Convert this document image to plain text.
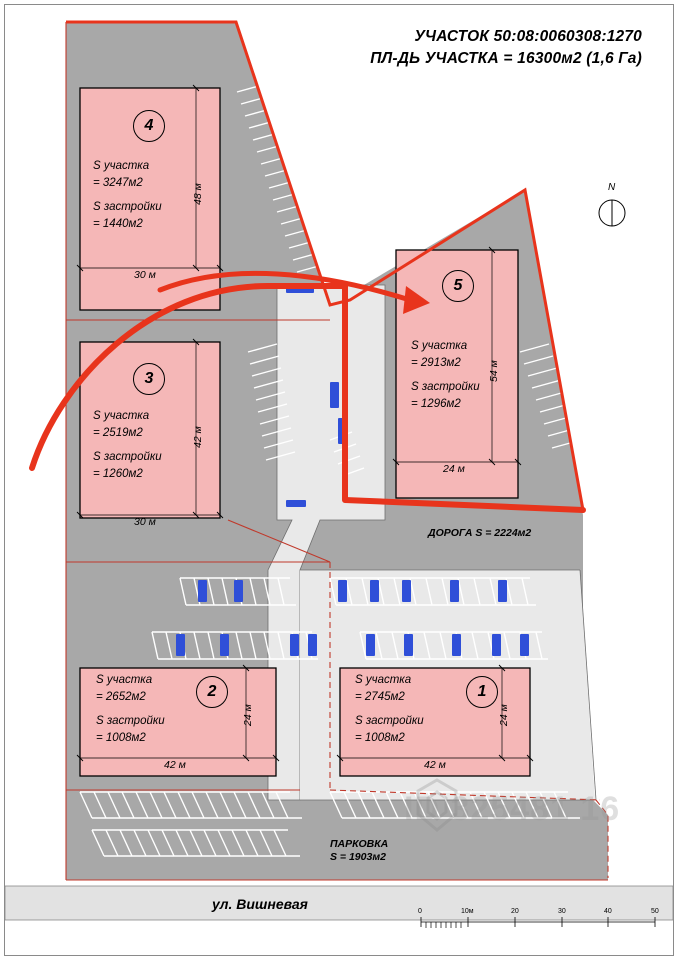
УЧАСТОК 50:08:0060308:1270
ПЛ-ДЬ УЧАСТКА = 16300м2 (1,6 Га)
4
S участка
= 3247м2

S застройки
= 1440м2
30 м
48 м
3
S участка
= 2519м2

S застройки
= 1260м2
30 м
42 м
5
S участка
= 2913м2

S застройки
= 1296м2
24 м
54 м
2
S участка
= 2652м2

S застройки
= 1008м2
42 м
24 м
1
S участка
= 2745м2

S застройки
= 1008м2
42 м
24 м
ДОРОГА S = 2224м2
ПАРКОВКА
S = 1903м2
ул. Вишневая
N
0	10м	20	30	40	50
ID 325481 16
